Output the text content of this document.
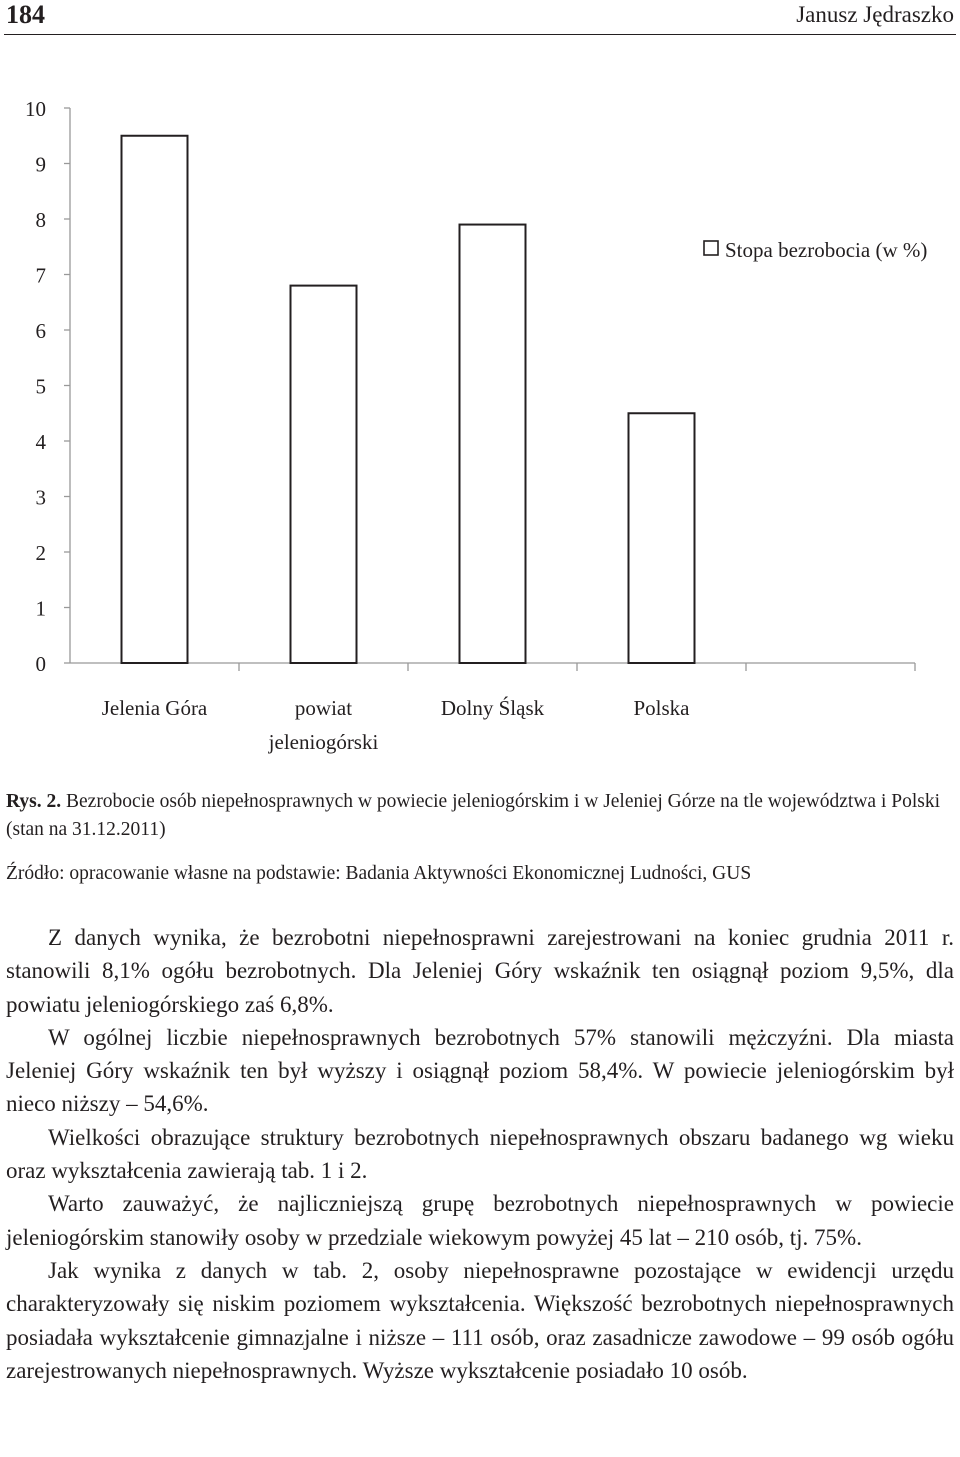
184	Janusz Jędraszko
0
1
2
3
4
5
6
7
8
9
10
Jelenia Góra	powiat
jeleniogórski
Dolny Śląsk	Polska
Stopa bezrobocia (w %)
Rys. 2. Bezrobocie osób niepełnosprawnych w powiecie jeleniogórskim i w Jeleniej Górze na tle województwa i Polski (stan na 31.12.2011)
Źródło: opracowanie własne na podstawie: Badania Aktywności Ekonomicznej Ludności, GUS

Z danych wynika, że bezrobotni niepełnosprawni zarejestrowani na koniec grudnia 2011 r. stanowili 8,1% ogółu bezrobotnych. Dla Jeleniej Góry wskaźnik ten osiągnął poziom 9,5%, dla powiatu jeleniogórskiego zaś 6,8%.

W ogólnej liczbie niepełnosprawnych bezrobotnych 57% stanowili mężczyźni. Dla miasta Jeleniej Góry wskaźnik ten był wyższy i osiągnął poziom 58,4%. W powiecie jeleniogórskim był nieco niższy – 54,6%.

Wielkości obrazujące struktury bezrobotnych niepełnosprawnych obszaru badanego wg wieku oraz wykształcenia zawierają tab. 1 i 2.

Warto zauważyć, że najliczniejszą grupę bezrobotnych niepełnosprawnych w powiecie jeleniogórskim stanowiły osoby w przedziale wiekowym powyżej 45 lat – 210 osób, tj. 75%.

Jak wynika z danych w tab. 2, osoby niepełnosprawne pozostające w ewidencji urzędu charakteryzowały się niskim poziomem wykształcenia. Większość bezrobotnych niepełnosprawnych posiadała wykształcenie gimnazjalne i niższe – 111 osób, oraz zasadnicze zawodowe – 99 osób ogółu zarejestrowanych niepełnosprawnych. Wyższe wykształcenie posiadało 10 osób.
